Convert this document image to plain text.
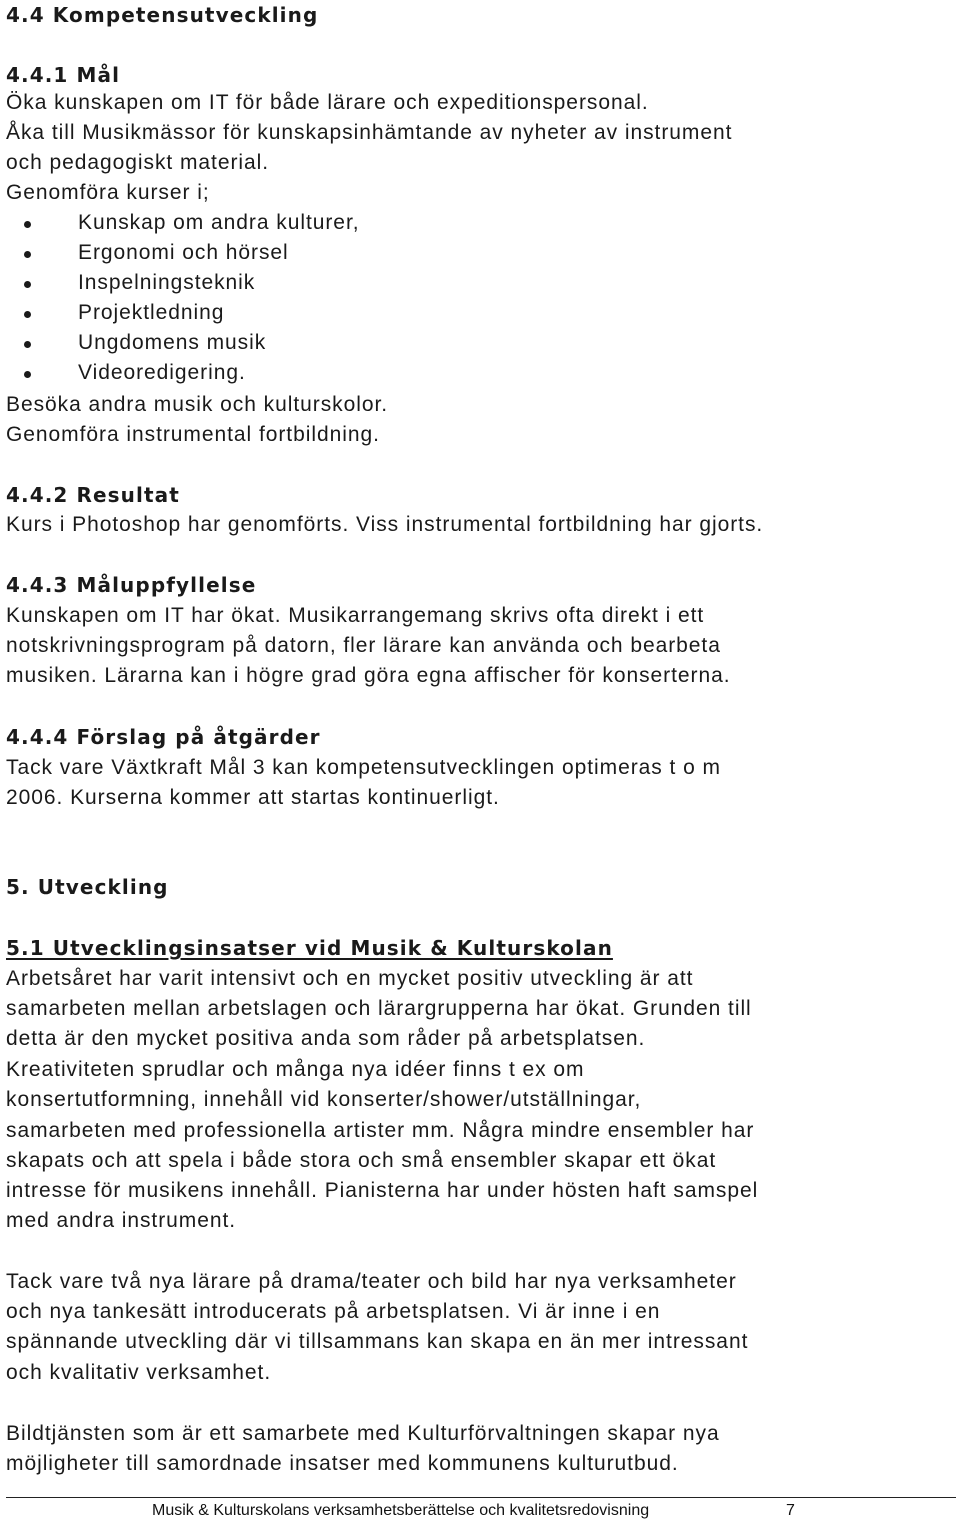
4.4 Kompetensutveckling
4.4.1 Mål
Öka kunskapen om IT för både lärare och expeditionspersonal.
Åka till Musikmässor för kunskapsinhämtande av nyheter av instrument
och pedagogiskt material.
Genomföra kurser i;
Kunskap om andra kulturer,
Ergonomi och hörsel
Inspelningsteknik
Projektledning
Ungdomens musik
Videoredigering.
Besöka andra musik och kulturskolor.
Genomföra instrumental fortbildning.
4.4.2 Resultat
Kurs i Photoshop har genomförts. Viss instrumental fortbildning har gjorts.
4.4.3 Måluppfyllelse
Kunskapen om IT har ökat. Musikarrangemang skrivs ofta direkt i ett
notskrivningsprogram på datorn, fler lärare kan använda och bearbeta
musiken. Lärarna kan i högre grad göra egna affischer för konserterna.
4.4.4 Förslag på åtgärder
Tack vare Växtkraft Mål 3 kan kompetensutvecklingen optimeras t o m
2006. Kurserna kommer att startas kontinuerligt.
5. Utveckling
5.1 Utvecklingsinsatser vid Musik & Kulturskolan
Arbetsåret har varit intensivt och en mycket positiv utveckling är att
samarbeten mellan arbetslagen och lärargrupperna har ökat. Grunden till
detta är den mycket positiva anda som råder på arbetsplatsen.
Kreativiteten sprudlar och många nya idéer finns t ex om
konsertutformning, innehåll vid konserter/shower/utställningar,
samarbeten med professionella artister mm. Några mindre ensembler har
skapats och att spela i både stora och små ensembler skapar ett ökat
intresse för musikens innehåll. Pianisterna har under hösten haft samspel
med andra instrument.
Tack vare två nya lärare på drama/teater och bild har nya verksamheter
och nya tankesätt introducerats på arbetsplatsen. Vi är inne i en
spännande utveckling där vi tillsammans kan skapa en än mer intressant
och kvalitativ verksamhet.
Bildtjänsten som är ett samarbete med Kulturförvaltningen skapar nya
möjligheter till samordnade insatser med kommunens kulturutbud.
Musik & Kulturskolans verksamhetsberättelse och kvalitetsredovisning	7
